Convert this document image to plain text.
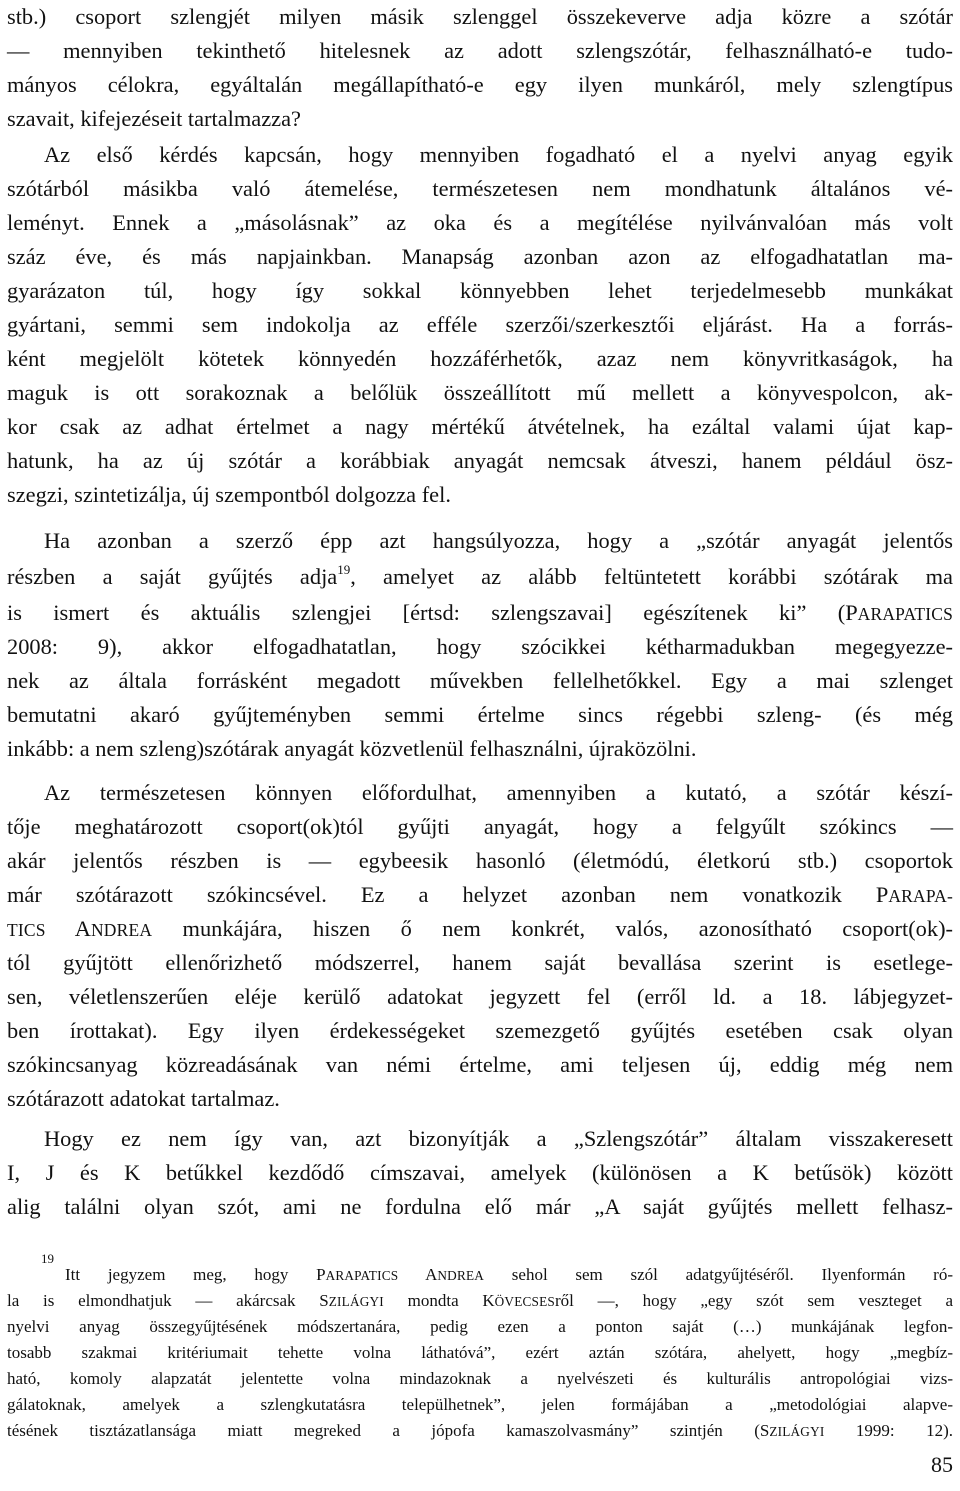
stb.) csoport szlengjét milyen másik szlenggel összekeverve adja közre a szótár
— mennyiben tekinthető hitelesnek az adott szlengszótár, felhasználható-e tudo-
mányos célokra, egyáltalán megállapítható-e egy ilyen munkáról, mely szlengtípus
szavait, kifejezéseit tartalmazza?
Az első kérdés kapcsán, hogy mennyiben fogadható el a nyelvi anyag egyik
szótárból másikba való átemelése, természetesen nem mondhatunk általános vé-
leményt. Ennek a „másolásnak” az oka és a megítélése nyilvánvalóan más volt
száz éve, és más napjainkban. Manapság azonban azon az elfogadhatatlan ma-
gyarázaton túl, hogy így sokkal könnyebben lehet terjedelmesebb munkákat
gyártani, semmi sem indokolja az efféle szerzői/szerkesztői eljárást. Ha a forrás-
ként megjelölt kötetek könnyedén hozzáférhetők, azaz nem könyvritkaságok, ha
maguk is ott sorakoznak a belőlük összeállított mű mellett a könyvespolcon, ak-
kor csak az adhat értelmet a nagy mértékű átvételnek, ha ezáltal valami újat kap-
hatunk, ha az új szótár a korábbiak anyagát nemcsak átveszi, hanem például ösz-
szegzi, szintetizálja, új szempontból dolgozza fel.
Ha azonban a szerző épp azt hangsúlyozza, hogy a „szótár anyagát jelentős
részben a saját gyűjtés adja$^{19}$, amelyet az alább feltüntetett korábbi szótárak ma
is ismert és aktuális szlengjei [értsd: szlengszavai] egészítenek ki” (PARAPATICS
2008: 9), akkor elfogadhatatlan, hogy szócikkei kétharmadukban megegyezze-
nek az általa forrásként megadott művekben fellelhetőkkel. Egy a mai szlenget
bemutatni akaró gyűjteményben semmi értelme sincs régebbi szleng- (és még
inkább: a nem szleng)szótárak anyagát közvetlenül felhasználni, újraközölni.
Az természetesen könnyen előfordulhat, amennyiben a kutató, a szótár készí-
tője meghatározott csoport(ok)tól gyűjti anyagát, hogy a felgyűlt szókincs —
akár jelentős részben is — egybeesik hasonló (életmódú, életkorú stb.) csoportok
már szótárazott szókincsével. Ez a helyzet azonban nem vonatkozik PARAPA-
TICS ANDREA munkájára, hiszen ő nem konkrét, valós, azonosítható csoport(ok)-
tól gyűjtött ellenőrizhető módszerrel, hanem saját bevallása szerint is esetlege-
sen, véletlenszerűen eléje kerülő adatokat jegyzett fel (erről ld. a 18. lábjegyzet-
ben írottakat). Egy ilyen érdekességeket szemezgető gyűjtés esetében csak olyan
szókincsanyag közreadásának van némi értelme, ami teljesen új, eddig még nem
szótárazott adatokat tartalmaz.
Hogy ez nem így van, azt bizonyítják a „Szlengszótár” általam visszakeresett
I, J és K betűkkel kezdődő címszavai, amelyek (különösen a K betűsök) között
alig találni olyan szót, ami ne fordulna elő már „A saját gyűjtés mellett felhasz-
19
Itt jegyzem meg, hogy PARAPATICS ANDREA sehol sem szól adatgyűjtéséről. Ilyenformán ró-
la is elmondhatjuk — akárcsak SZILÁGYI mondta KÖVECSESről —, hogy „egy szót sem veszteget a
nyelvi anyag összegyűjtésének módszertanára, pedig ezen a ponton saját (…) munkájának legfon-
tosabb szakmai kritériumait tehette volna láthatóvá”, ezért aztán szótára, ahelyett, hogy „megbíz-
ható, komoly alapzatát jelentette volna mindazoknak a nyelvészeti és kulturális antropológiai vizs-
gálatoknak, amelyek a szlengkutatásra települhetnek”, jelen formájában a „metodológiai alapve-
tésének tisztázatlansága miatt megreked a jópofa kamaszolvasmány” szintjén (SZILÁGYI 1999: 12).
85
